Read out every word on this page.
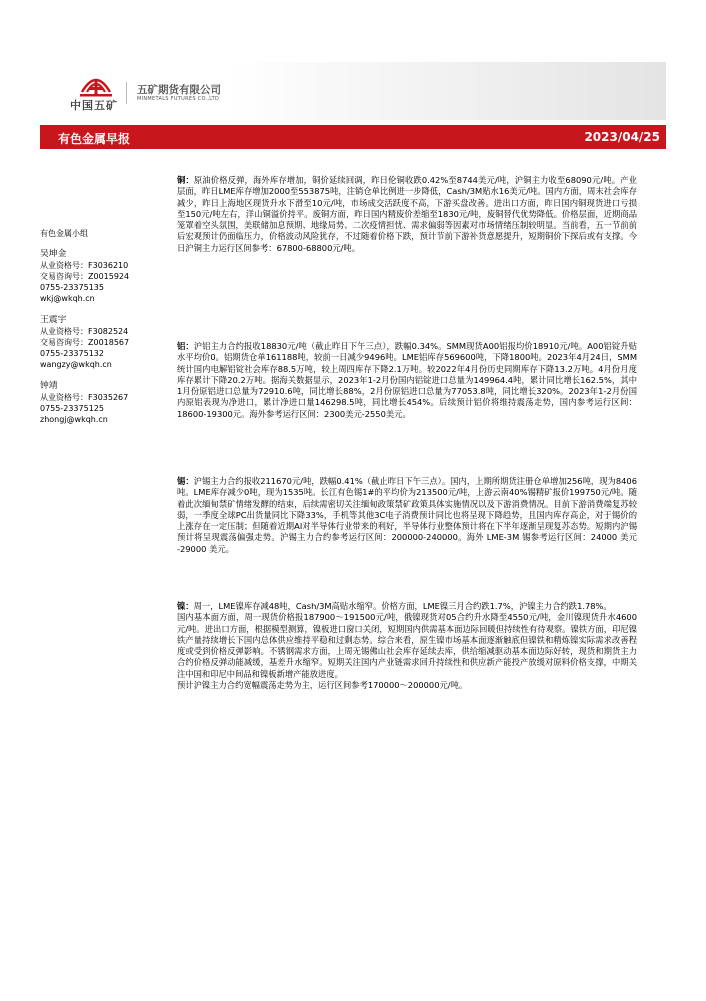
中国五矿
五矿期货有限公司
MINMETALS FUTURES CO.,LTD
有色金属早报	2023/04/25
有色金属小组
吴坤金
从业资格号：F3036210
交易咨询号：Z0015924
0755-23375135
wkj@wkqh.cn
王震宇
从业资格号：F3082524
交易咨询号：Z0018567
0755-23375132
wangzy@wkqh.cn
钟靖
从业资格号：F3035267
0755-23375125
zhongj@wkqh.cn

铜：原油价格反弹，海外库存增加，铜价延续回调，昨日伦铜收跌0.42%至8744美元/吨，沪铜主力收至68090元/吨。产业层面，昨日LME库存增加2000至553875吨，注销仓单比例进一步降低，Cash/3M贴水16美元/吨。国内方面，周末社会库存减少，昨日上海地区现货升水下滑至10元/吨，市场成交活跃度不高，下游买盘改善。进出口方面，昨日国内铜现货进口亏损至150元/吨左右，洋山铜溢价持平。废铜方面，昨日国内精废价差缩至1830元/吨，废铜替代优势降低。价格层面，近期商品笼罩着空头氛围，美联储加息预期、地缘局势、二次疫情担忧、需求偏弱等因素对市场情绪压制较明显。当前看，五一节前前后宏观预计仍面临压力，价格波动风险犹存，不过随着价格下跌，预计节前下游补货意愿提升，短期铜价下探后或有支撑。今日沪铜主力运行区间参考：67800-68800元/吨。

铝：沪铝主力合约报收18830元/吨（截止昨日下午三点），跌幅0.34%。SMM现货A00铝报均价18910元/吨。A00铝锭升贴水平均价0。铝期货仓单161188吨，较前一日减少9496吨。LME铝库存569600吨，下降1800吨。2023年4月24日，SMM统计国内电解铝锭社会库存88.5万吨，较上周四库存下降2.1万吨。较2022年4月份历史同期库存下降13.2万吨。4月份月度库存累计下降20.2万吨。据海关数据显示，2023年1-2月份国内铝锭进口总量为149964.4吨，累计同比增长162.5%，其中1月份原铝进口总量为72910.6吨，同比增长88%，2月份原铝进口总量为77053.8吨，同比增长320%。2023年1-2月份国内原铝表现为净进口，累计净进口量146298.5吨，同比增长454%。后续预计铝价将维持震荡走势，国内参考运行区间：18600-19300元。海外参考运行区间：2300美元-2550美元。

锡：沪锡主力合约报收211670元/吨，跌幅0.41%（截止昨日下午三点）。国内，上期所期货注册仓单增加256吨，现为8406吨。LME库存减少0吨，现为1535吨。长江有色锡1#的平均价为213500元/吨，上游云南40%锡精矿报价199750元/吨。随着此次缅甸禁矿情绪发酵的结束，后续需密切关注缅甸政策禁矿政策具体实施情况以及下游消费情况。目前下游消费端复苏较弱，一季度全球PC出货量同比下降33%，手机等其他3C电子消费预计同比也将呈现下降趋势，且国内库存高企，对于锡价的上涨存在一定压制；但随着近期AI对半导体行业带来的利好，半导体行业整体预计将在下半年逐渐呈现复苏态势。短期内沪锡预计将呈现震荡偏强走势。沪锡主力合约参考运行区间：200000-240000。海外 LME-3M 锡参考运行区间：24000 美元 -29000 美元。

镍：周一，LME镍库存减48吨，Cash/3M高贴水缩窄。价格方面，LME镍三月合约跌1.7%，沪镍主力合约跌1.78%。

国内基本面方面，周一现货价格报187900～191500元/吨，俄镍现货对05合约升水降至4550元/吨，金川镍现货升水4600元/吨。进出口方面，根据模型测算，镍板进口窗口关闭，短期国内供需基本面边际回暖但持续性有待观察。镍铁方面，印尼镍铁产量持续增长下国内总体供应维持平稳和过剩态势。综合来看，原生镍市场基本面逐渐触底但镍铁和精炼镍实际需求改善程度或受到价格反弹影响。不锈钢需求方面，上周无锡佛山社会库存延续去库，供给缩减驱动基本面边际好转，现货和期货主力合约价格反弹动能减缓，基差升水缩窄。短期关注国内产业链需求回升持续性和供应新产能投产放缓对原料价格支撑，中期关注中国和印尼中间品和镍板新增产能放进度。

预计沪镍主力合约宽幅震荡走势为主，运行区间参考170000～200000元/吨。
